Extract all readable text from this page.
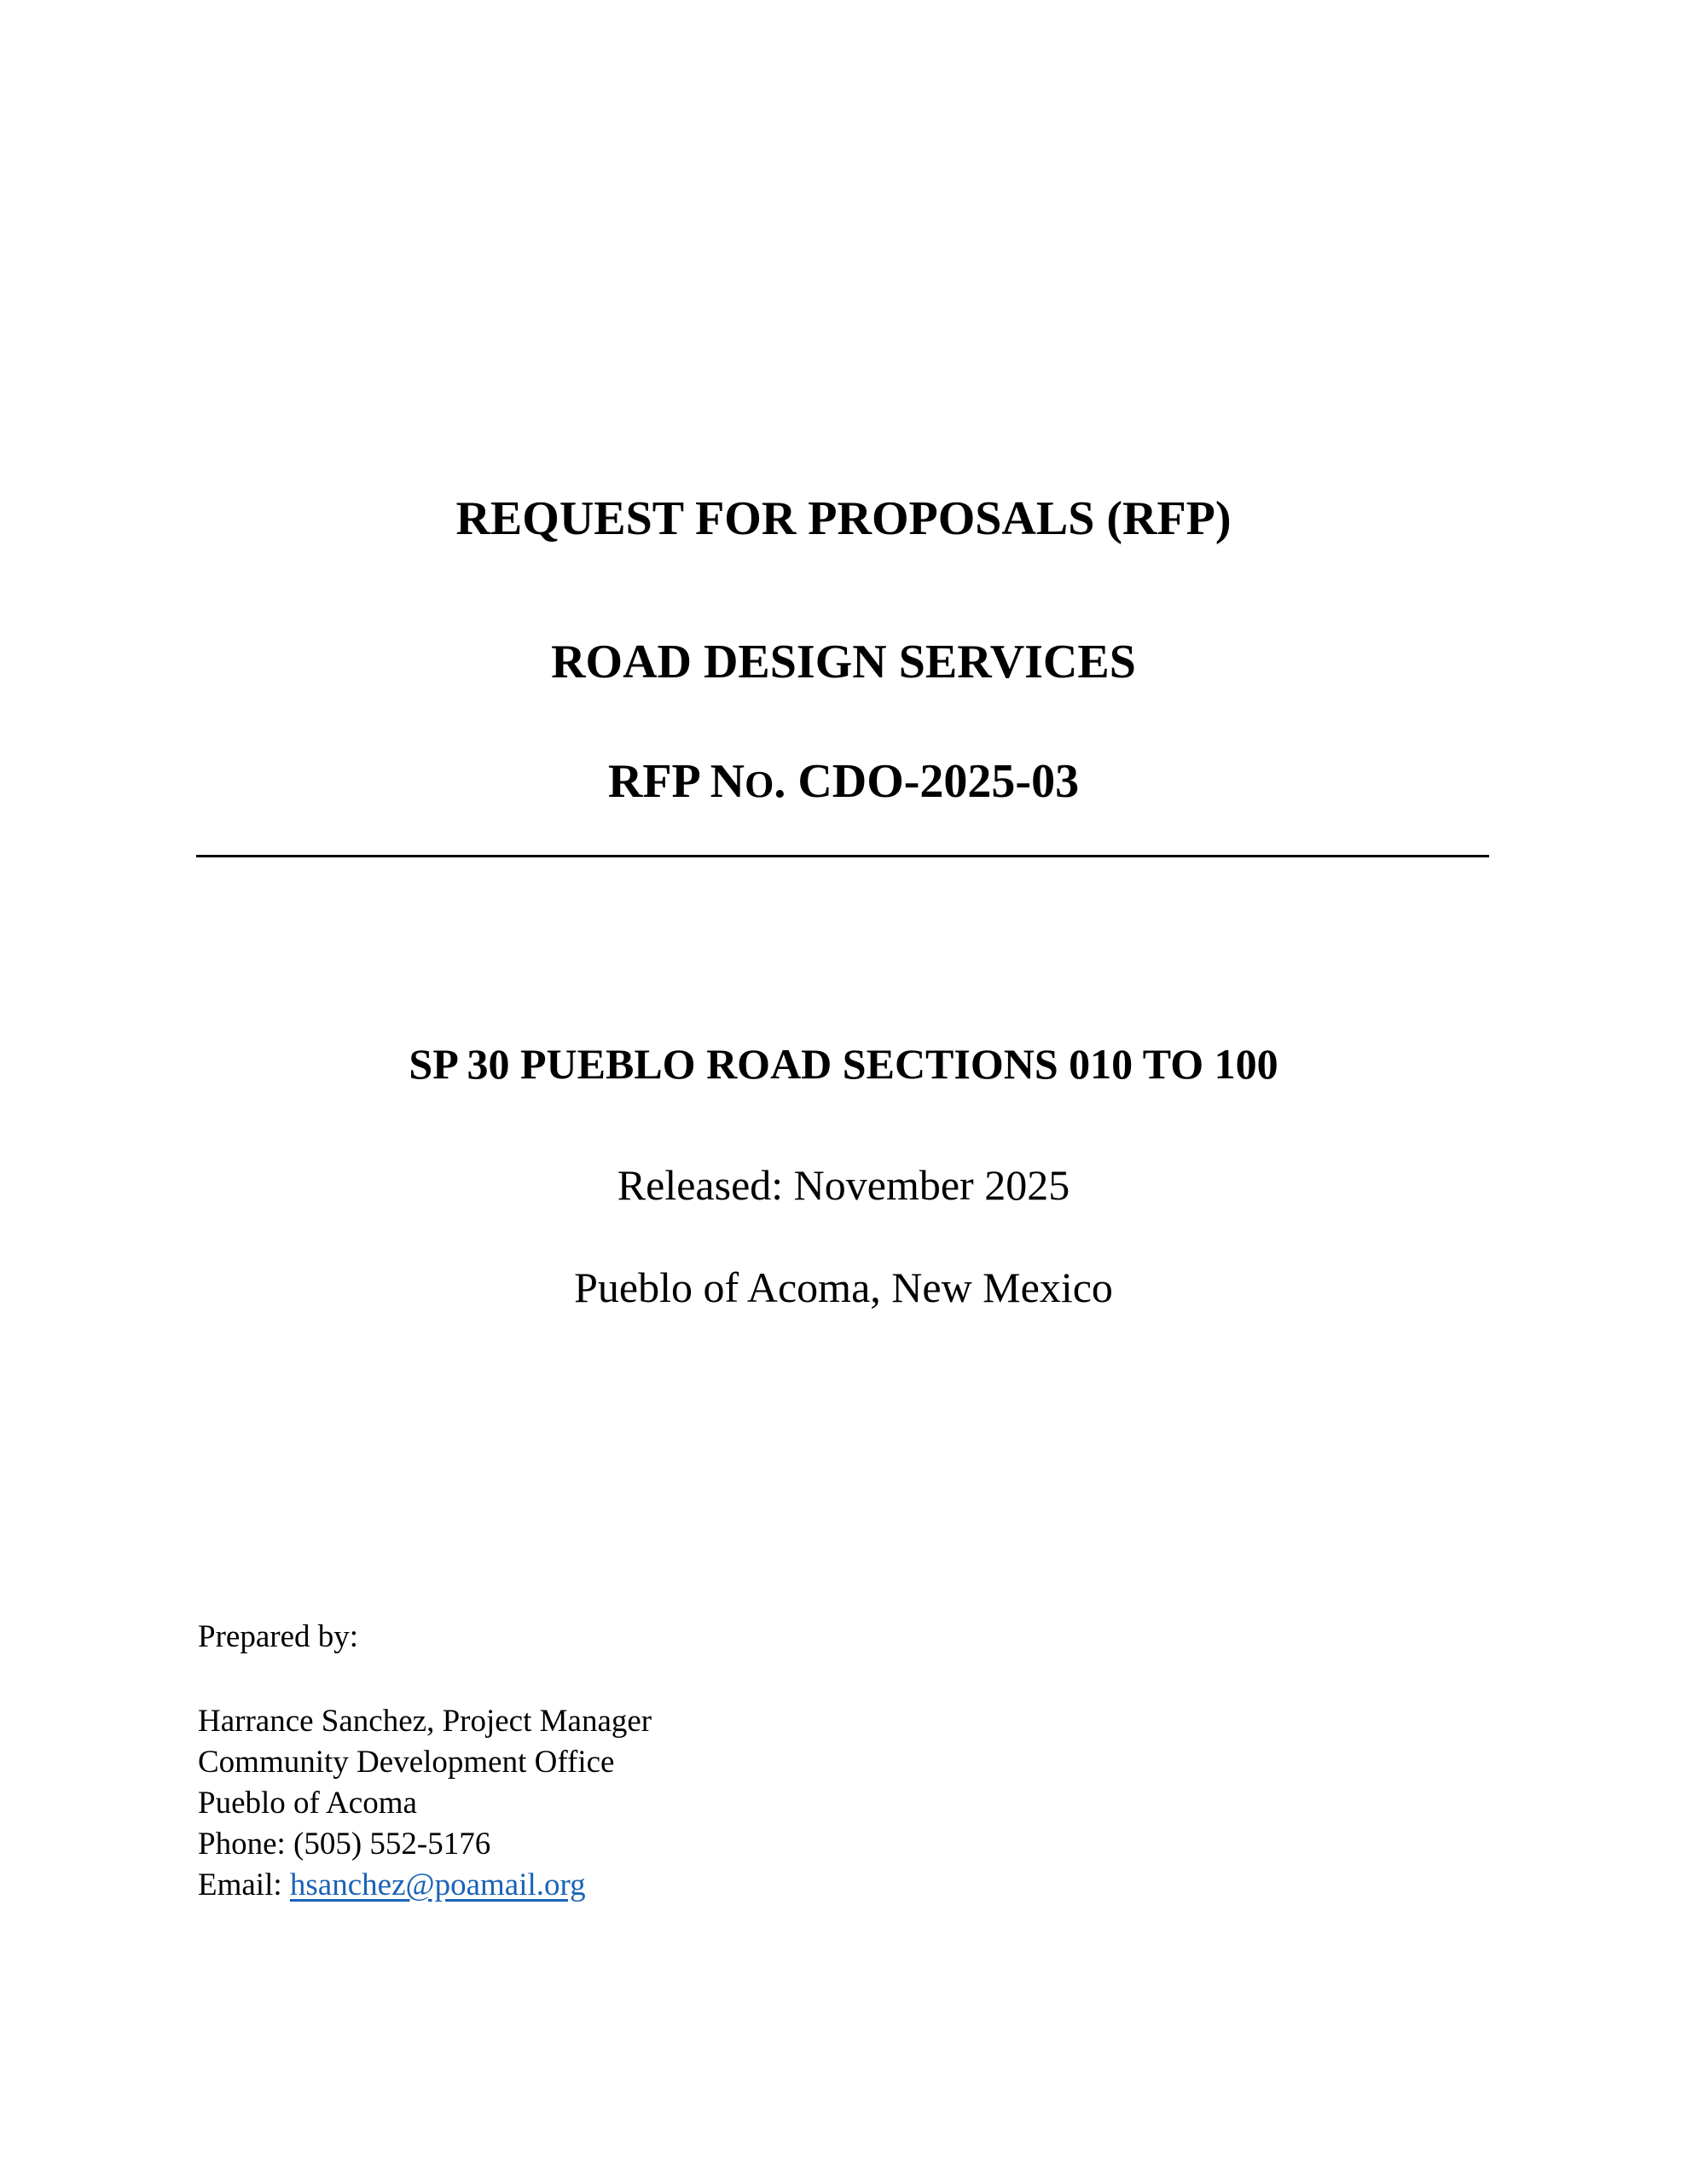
REQUEST FOR PROPOSALS (RFP)
ROAD DESIGN SERVICES
RFP NO. CDO-2025-03
SP 30 PUEBLO ROAD SECTIONS 010 TO 100
Released: November 2025
Pueblo of Acoma, New Mexico
Prepared by:
Harrance Sanchez, Project Manager
Community Development Office
Pueblo of Acoma
Phone: (505) 552-5176
Email: hsanchez@poamail.org
